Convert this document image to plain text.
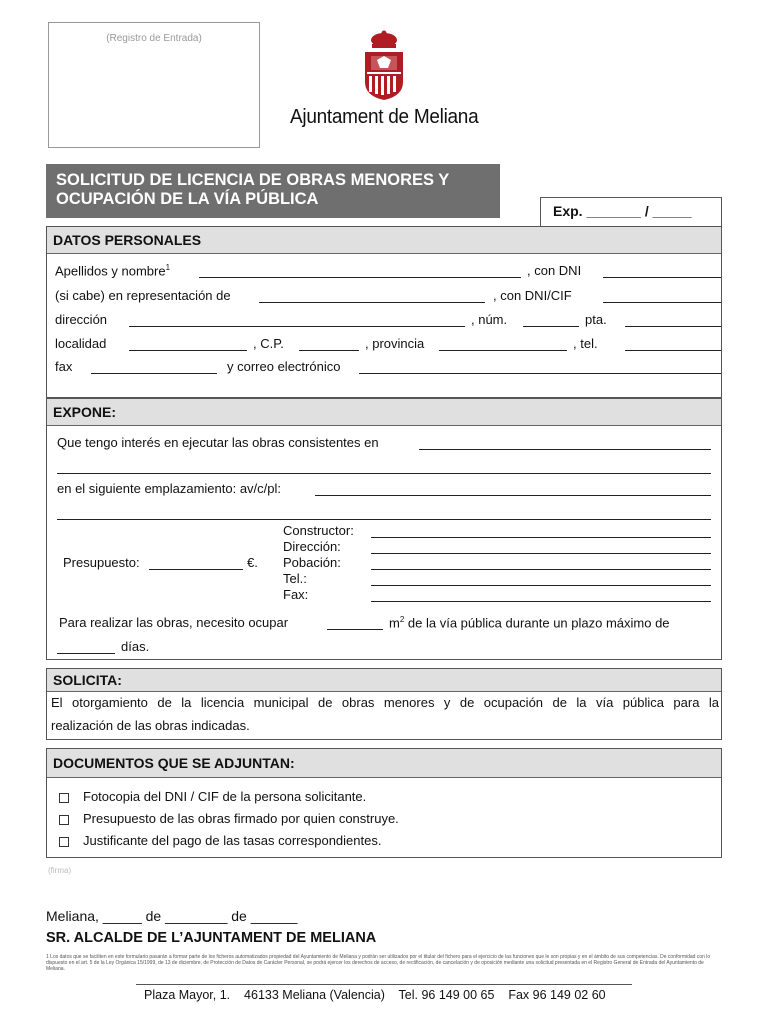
(Registro de Entrada)
Ajuntament de Meliana
SOLICITUD DE LICENCIA DE OBRAS MENORES Y
OCUPACIÓN DE LA VÍA PÚBLICA
Exp. _______ / _____
DATOS PERSONALES
Apellidos y nombre$^1$	, con DNI
(si cabe) en representación de	, con DNI/CIF
dirección	, núm.	pta.
localidad	, C.P.	, provincia	, tel.
fax	y correo electrónico
EXPONE:
Que tengo interés en ejecutar las obras consistentes en
en el siguiente emplazamiento: av/c/pl:
Constructor:
Dirección:
Pobación:
Tel.:
Fax:
Presupuesto:	€.
Para realizar las obras, necesito ocupar	$m^2$ de la vía pública durante un plazo máximo de
días.
SOLICITA:
El otorgamiento de la licencia municipal de obras menores y de ocupación de la vía pública para la
realización de las obras indicadas.
DOCUMENTOS QUE SE ADJUNTAN:
Fotocopia del DNI / CIF de la persona solicitante.
Presupuesto de las obras firmado por quien construye.
Justificante del pago de las tasas correspondientes.
(firma)
Meliana, _____ de ________ de ______
SR. ALCALDE DE L’AJUNTAMENT DE MELIANA
1 Los datos que se faciliten en este formulario pasarán a formar parte de los ficheros automatizados propiedad del Ayuntamiento de Meliana y podrán ser utilizados por el titular del fichero para el ejercicio de las funciones que le son propias y en el ámbito de sus competencias. De conformidad con lo dispuesto en el art. 5 de la Ley Orgánica 15/1999, de 13 de diciembre, de Protección de Datos de Carácter Personal, se podrá ejercer los derechos de acceso, de rectificación, de cancelación y de oposición mediante una solicitud presentada en el Registro General de Entrada del Ayuntamiento de Meliana.
Plaza Mayor, 1.    46133 Meliana (Valencia)    Tel. 96 149 00 65    Fax 96 149 02 60
